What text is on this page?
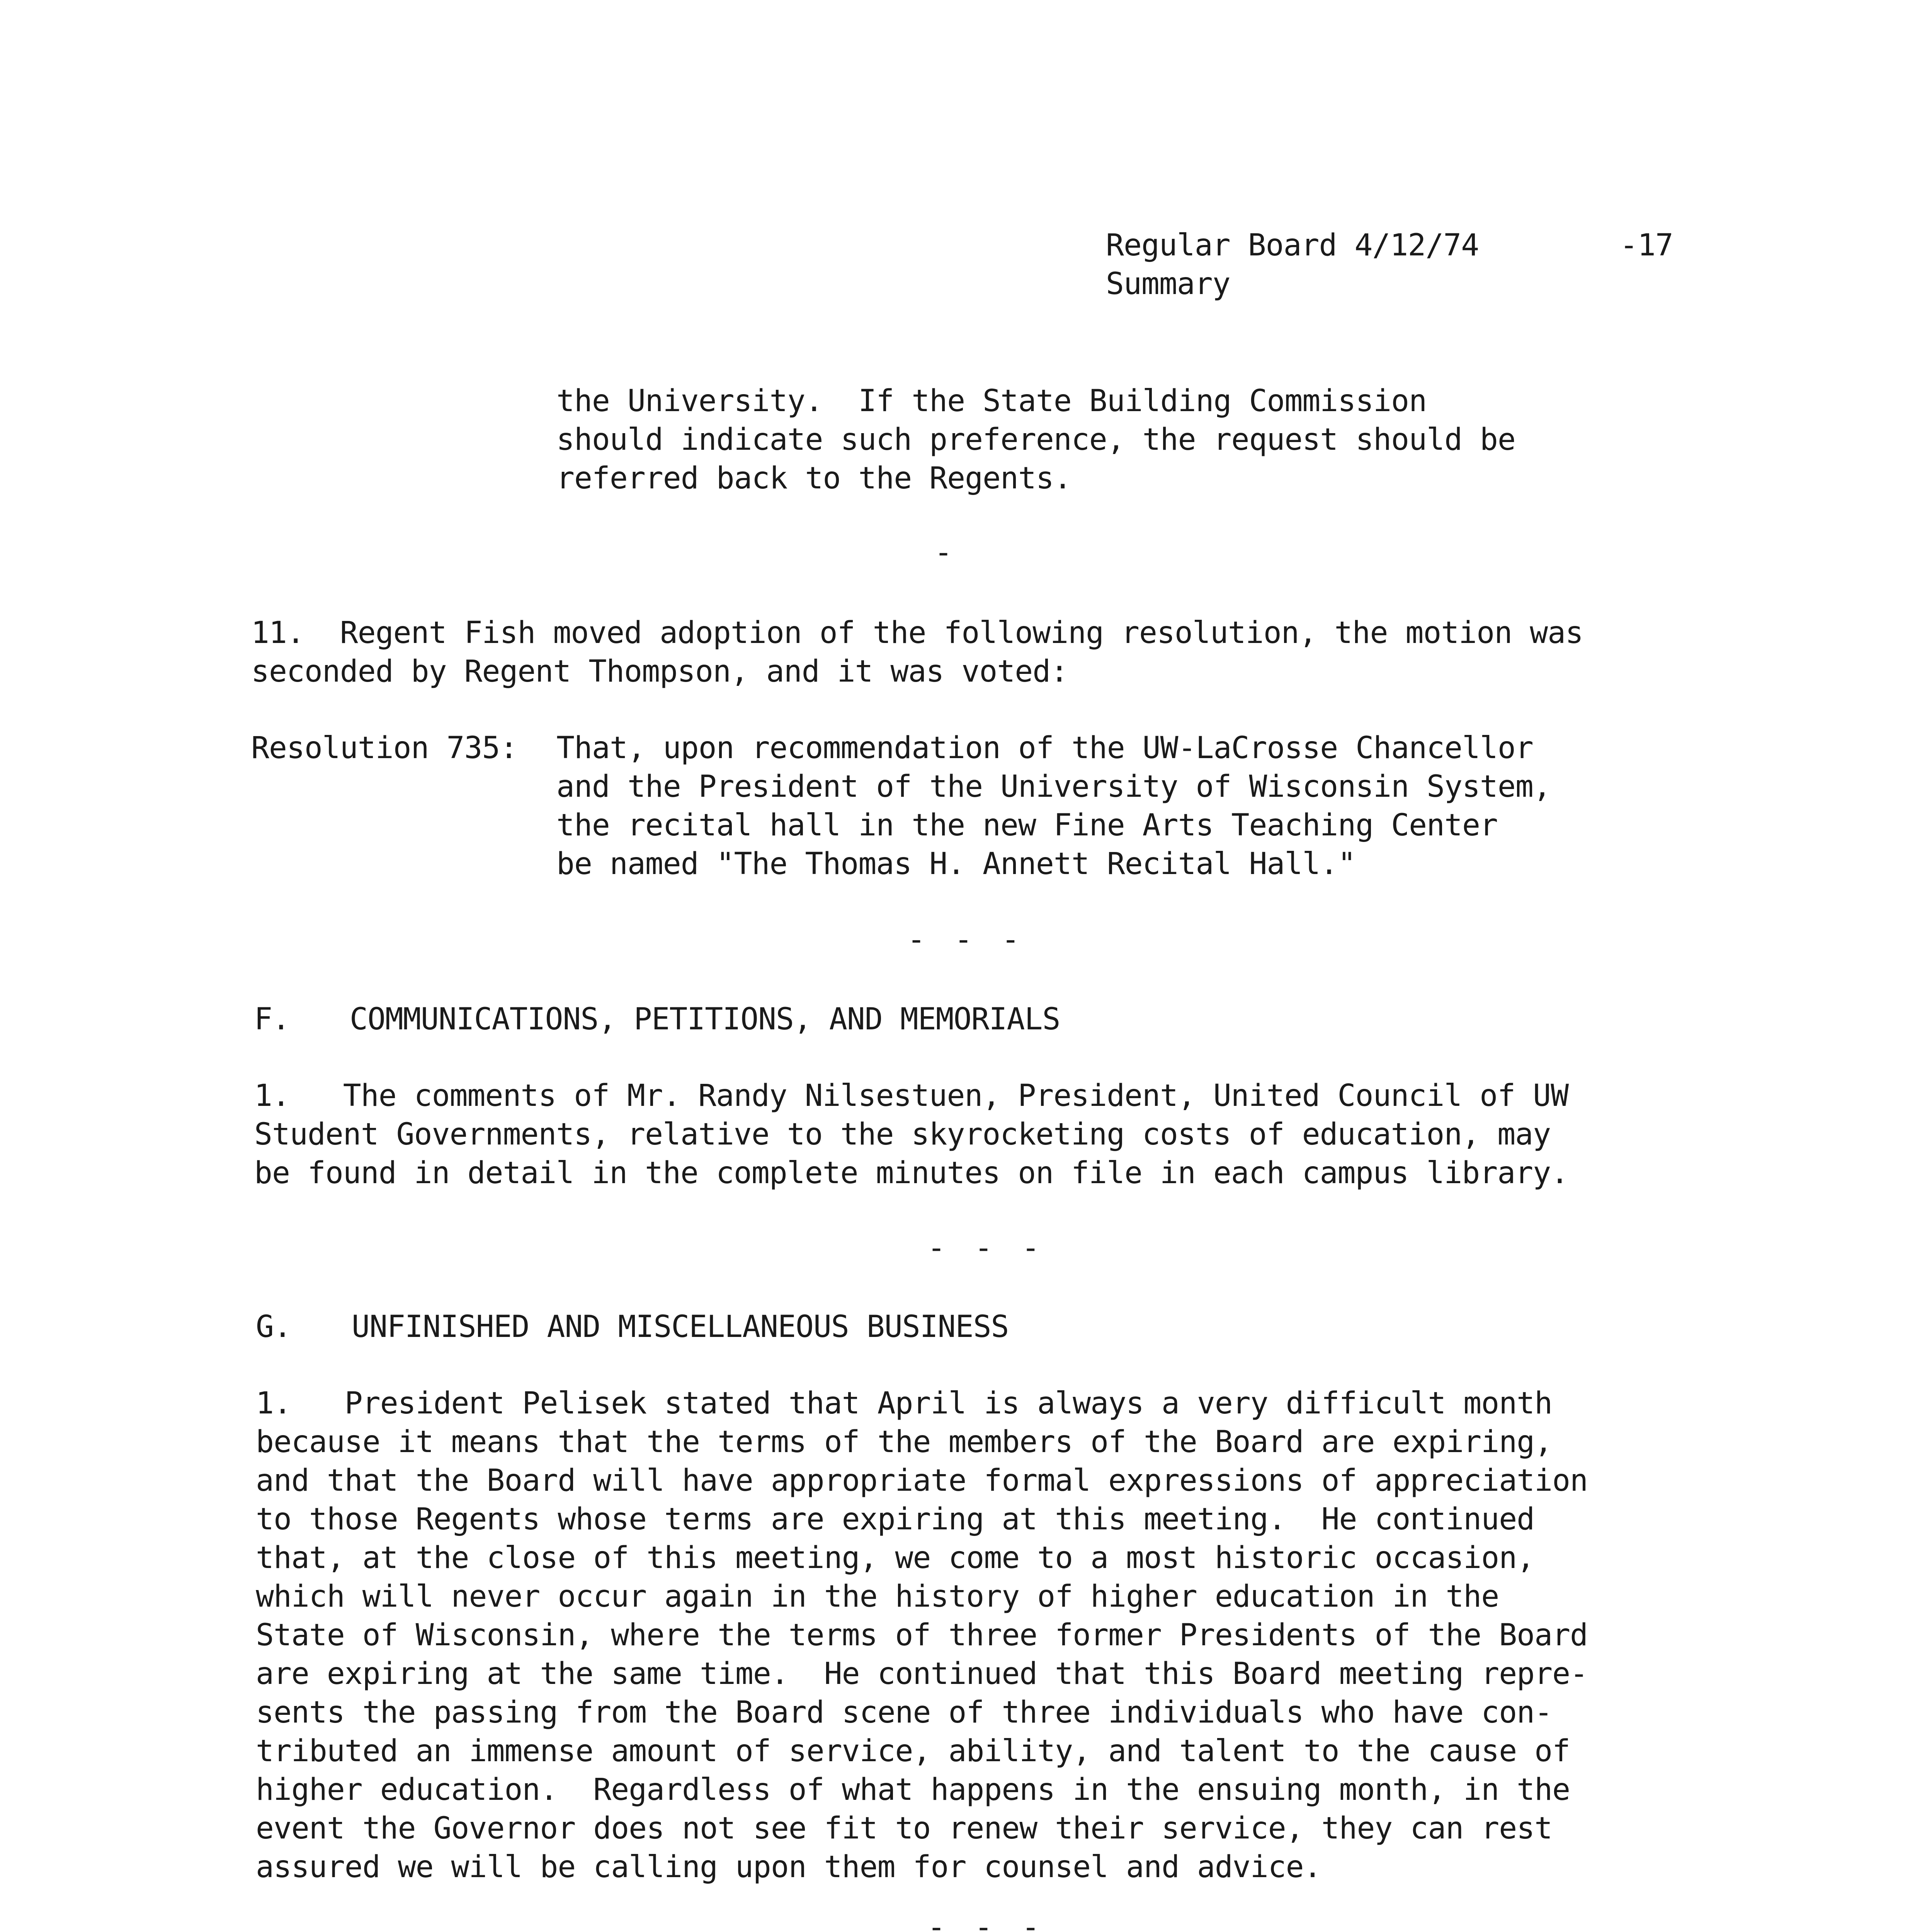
Regular Board 4/12/74	-17
Summary
the University.  If the State Building Commission
should indicate such preference, the request should be
referred back to the Regents.
-
11.  Regent Fish moved adoption of the following resolution, the motion was
seconded by Regent Thompson, and it was voted:
Resolution 735: That, upon recommendation of the UW-LaCrosse Chancellor
and the President of the University of Wisconsin System,
the recital hall in the new Fine Arts Teaching Center
be named "The Thomas H. Annett Recital Hall."
- - -
F. COMMUNICATIONS, PETITIONS, AND MEMORIALS
1.   The comments of Mr. Randy Nilsestuen, President, United Council of UW
Student Governments, relative to the skyrocketing costs of education, may
be found in detail in the complete minutes on file in each campus library.
- - -
G. UNFINISHED AND MISCELLANEOUS BUSINESS
1.   President Pelisek stated that April is always a very difficult month
because it means that the terms of the members of the Board are expiring,
and that the Board will have appropriate formal expressions of appreciation
to those Regents whose terms are expiring at this meeting.  He continued
that, at the close of this meeting, we come to a most historic occasion,
which will never occur again in the history of higher education in the
State of Wisconsin, where the terms of three former Presidents of the Board
are expiring at the same time.  He continued that this Board meeting repre-
sents the passing from the Board scene of three individuals who have con-
tributed an immense amount of service, ability, and talent to the cause of
higher education.  Regardless of what happens in the ensuing month, in the
event the Governor does not see fit to renew their service, they can rest
assured we will be calling upon them for counsel and advice.
- - -
